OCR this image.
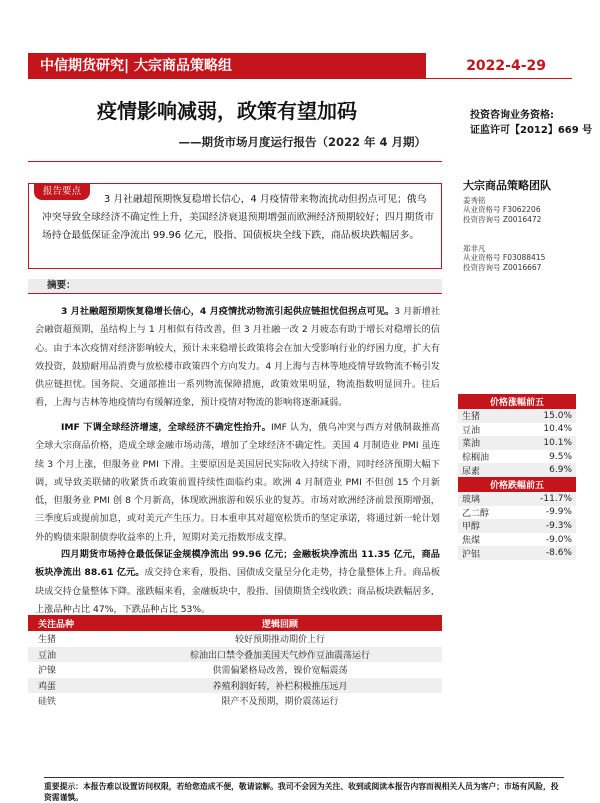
中信期货研究| 大宗商品策略组	2022-4-29
疫情影响减弱，政策有望加码
——期货市场月度运行报告（2022 年 4 月期）
投资咨询业务资格:
证监许可【2012】669 号
报告要点
3 月社融超预期恢复稳增长信心，4 月疫情带来物流扰动但拐点可见；俄乌冲突导致全球经济不确定性上升，美国经济衰退预期增强而欧洲经济预期较好；四月期货市场持仓最低保证金净流出 99.96 亿元，股指、国债板块全线下跌，商品板块跌幅居多。
摘要：
3 月社融超预期恢复稳增长信心，4 月疫情扰动物流引起供应链担忧但拐点可见。3 月新增社会融资超预期，虽结构上与 1 月相似有待改善，但 3 月社融一改 2 月疲态有助于增长对稳增长的信心。由于本次疫情对经济影响较大，预计未来稳增长政策将会在加大受影响行业的纾困力度，扩大有效投资，鼓励耐用品消费与放松楼市政策四个方向发力。4 月上海与吉林等地疫情导致物流不畅引发供应链担忧。国务院、交通部推出一系列物流保障措施，政策效果明显，物流指数明显回升。往后看，上海与吉林等地疫情均有缓解迹象，预计疫情对物流的影响将逐渐减弱。
IMF 下调全球经济增速，全球经济不确定性抬升。IMF 认为，俄乌冲突与西方对俄制裁推高全球大宗商品价格，造成全球金融市场动荡，增加了全球经济不确定性。美国 4 月制造业 PMI 虽连续 3 个月上涨，但服务业 PMI 下滑。主要原因是美国居民实际收入持续下滑，同时经济预期大幅下调，或导致美联储的收紧货币政策前置持续性面临约束。欧洲 4 月制造业 PMI 不但创 15 个月新低，但服务业 PMI 创 8 个月新高，体现欧洲旅游和娱乐业的复苏。市场对欧洲经济前景预期增强，三季度后或提前加息，或对美元产生压力。日本重申其对超宽松货币的坚定承诺，将通过新一轮计划外的购债来限制债券收益率的上升，短期对美元指数形成支撑。
四月期货市场持仓最低保证金规模净流出 99.96 亿元；金融板块净流出 11.35 亿元，商品板块净流出 88.61 亿元。成交持仓来看，股指、国债成交量呈分化走势，持仓量整体上升。商品板块成交持仓量整体下降。涨跌幅来看，金融板块中，股指、国债期货全线收跌；商品板块跌幅居多，上涨品种占比 47%，下跌品种占比 53%。
关注品种	逻辑回顾
生猪	较好预期推动期价上行
豆油	棕油出口禁令叠加美国天气炒作豆油震荡运行
沪镍	供需偏紧格局改善，镍价宽幅震荡
鸡蛋	养殖利润好转，补栏积极推压远月
硅铁	限产不及预期，期价震荡运行
大宗商品策略团队
姜秀铭
从业资格号 F3062206
投资咨询号 Z0016472
郑非凡
从业资格号 F03088415
投资咨询号 Z0016667
价格涨幅前五	
生猪	15.0%
豆油	10.4%
菜油	10.1%
棕榈油	9.5%
尿素	6.9%
价格跌幅前五	
玻璃	-11.7%
乙二醇	-9.9%
甲醇	-9.3%
焦煤	-9.0%
沪铝	-8.6%
重要提示：本报告难以设置访问权限，若给您造成不便，敬请谅解。我司不会因为关注、收到或阅读本报告内容而视相关人员为客户；市场有风险，投资需谨慎。
